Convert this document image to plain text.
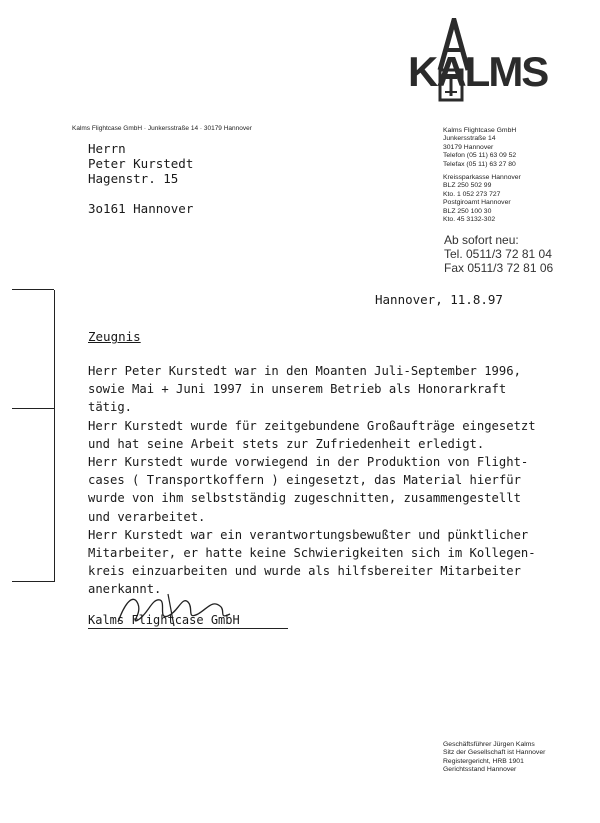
KALMS
Kalms Flightcase GmbH · Junkersstraße 14 · 30179 Hannover
Herrn
Peter Kurstedt
Hagenstr. 15
3o161 Hannover
Kalms Flightcase GmbH
Junkersstraße 14
30179 Hannover
Telefon (05 11) 63 09 52
Telefax (05 11) 63 27 80
Kreissparkasse Hannover
BLZ 250 502 99
Kto. 1 052 273 727
Postgiroamt Hannover
BLZ 250 100 30
Kto. 45 3132-302
Ab sofort neu:
Tel. 0511/3 72 81 04
Fax 0511/3 72 81 06
Hannover, 11.8.97
Zeugnis
Herr Peter Kurstedt war in den Moanten Juli-September 1996,
sowie Mai + Juni 1997 in unserem Betrieb als Honorarkraft
tätig.
Herr Kurstedt wurde für zeitgebundene Großaufträge eingesetzt
und hat seine Arbeit stets zur Zufriedenheit erledigt.
Herr Kurstedt wurde vorwiegend in der Produktion von Flight-
cases ( Transportkoffern ) eingesetzt, das Material hierfür
wurde von ihm selbstständig zugeschnitten, zusammengestellt
und verarbeitet.
Herr Kurstedt war ein verantwortungsbewußter und pünktlicher
Mitarbeiter, er hatte keine Schwierigkeiten sich im Kollegen-
kreis einzuarbeiten und wurde als hilfsbereiter Mitarbeiter
anerkannt.
Kalms Flightcase GmbH
Geschäftsführer Jürgen Kalms
Sitz der Gesellschaft ist Hannover
Registergericht, HRB 1901
Gerichtsstand Hannover
